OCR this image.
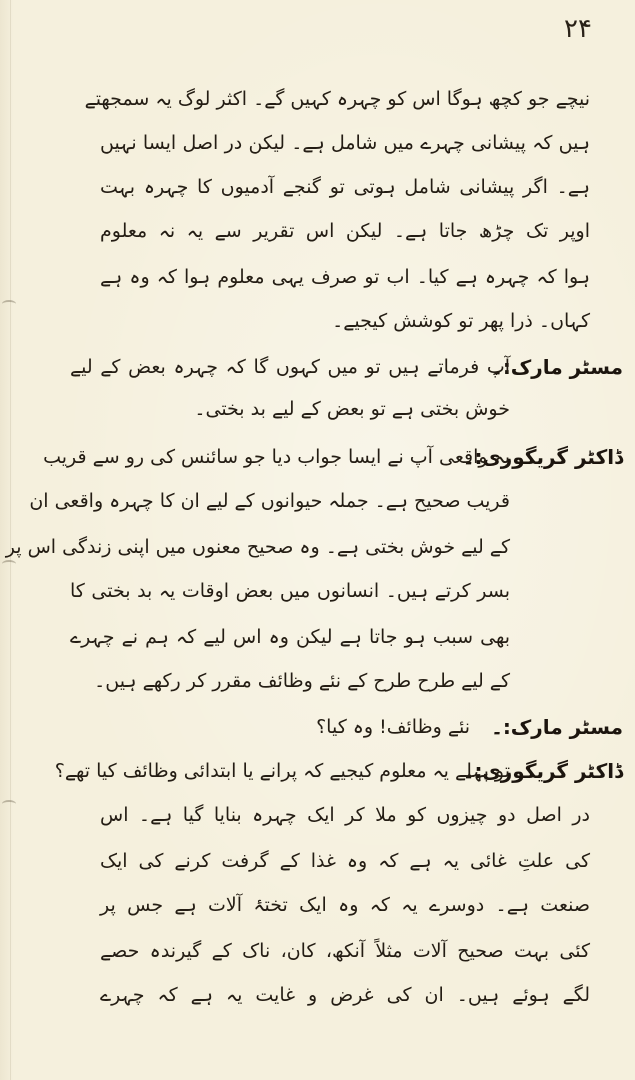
۲۴
نیچے جو کچھ ہوگا اس کو چہرہ کہیں گے۔ اکثر لوگ یہ سمجھتے
ہیں کہ پیشانی چہرے میں شامل ہے۔ لیکن در اصل ایسا نہیں
ہے۔ اگر پیشانی شامل ہوتی تو گنجے آدمیوں کا چہرہ بہت
اوپر تک چڑھ جاتا ہے۔ لیکن اس تقریر سے یہ نہ معلوم
ہوا کہ چہرہ ہے کیا۔ اب تو صرف یہی معلوم ہوا کہ وہ ہے
کہاں۔ ذرا پھر تو کوشش کیجیے۔
مسٹر مارک:۔
آپ فرماتے ہیں تو میں کہوں گا کہ چہرہ بعض کے لیے
خوش بختی ہے تو بعض کے لیے بد بختی۔
ڈاکٹر گریگوری:۔
یہ واقعی آپ نے ایسا جواب دیا جو سائنس کی رو سے قریب
قریب صحیح ہے۔ جملہ حیوانوں کے لیے ان کا چہرہ واقعی ان
کے لیے خوش بختی ہے۔ وہ صحیح معنوں میں اپنی زندگی اس پر
بسر کرتے ہیں۔ انسانوں میں بعض اوقات یہ بد بختی کا
بھی سبب ہو جاتا ہے لیکن وہ اس لیے کہ ہم نے چہرے
کے لیے طرح طرح کے نئے وظائف مقرر کر رکھے ہیں۔
مسٹر مارک:۔
نئے وظائف! وہ کیا؟
ڈاکٹر گریگوری:۔
تو پہلے یہ معلوم کیجیے کہ پرانے یا ابتدائی وظائف کیا تھے؟
در اصل دو چیزوں کو ملا کر ایک چہرہ بنایا گیا ہے۔ اس
کی علتِ غائی یہ ہے کہ وہ غذا کے گرفت کرنے کی ایک
صنعت ہے۔ دوسرے یہ کہ وہ ایک تختۂ آلات ہے جس پر
کئی بہت صحیح آلات مثلاً آنکھ، کان، ناک کے گیرندہ حصے
لگے ہوئے ہیں۔ ان کی غرض و غایت یہ ہے کہ چہرے
